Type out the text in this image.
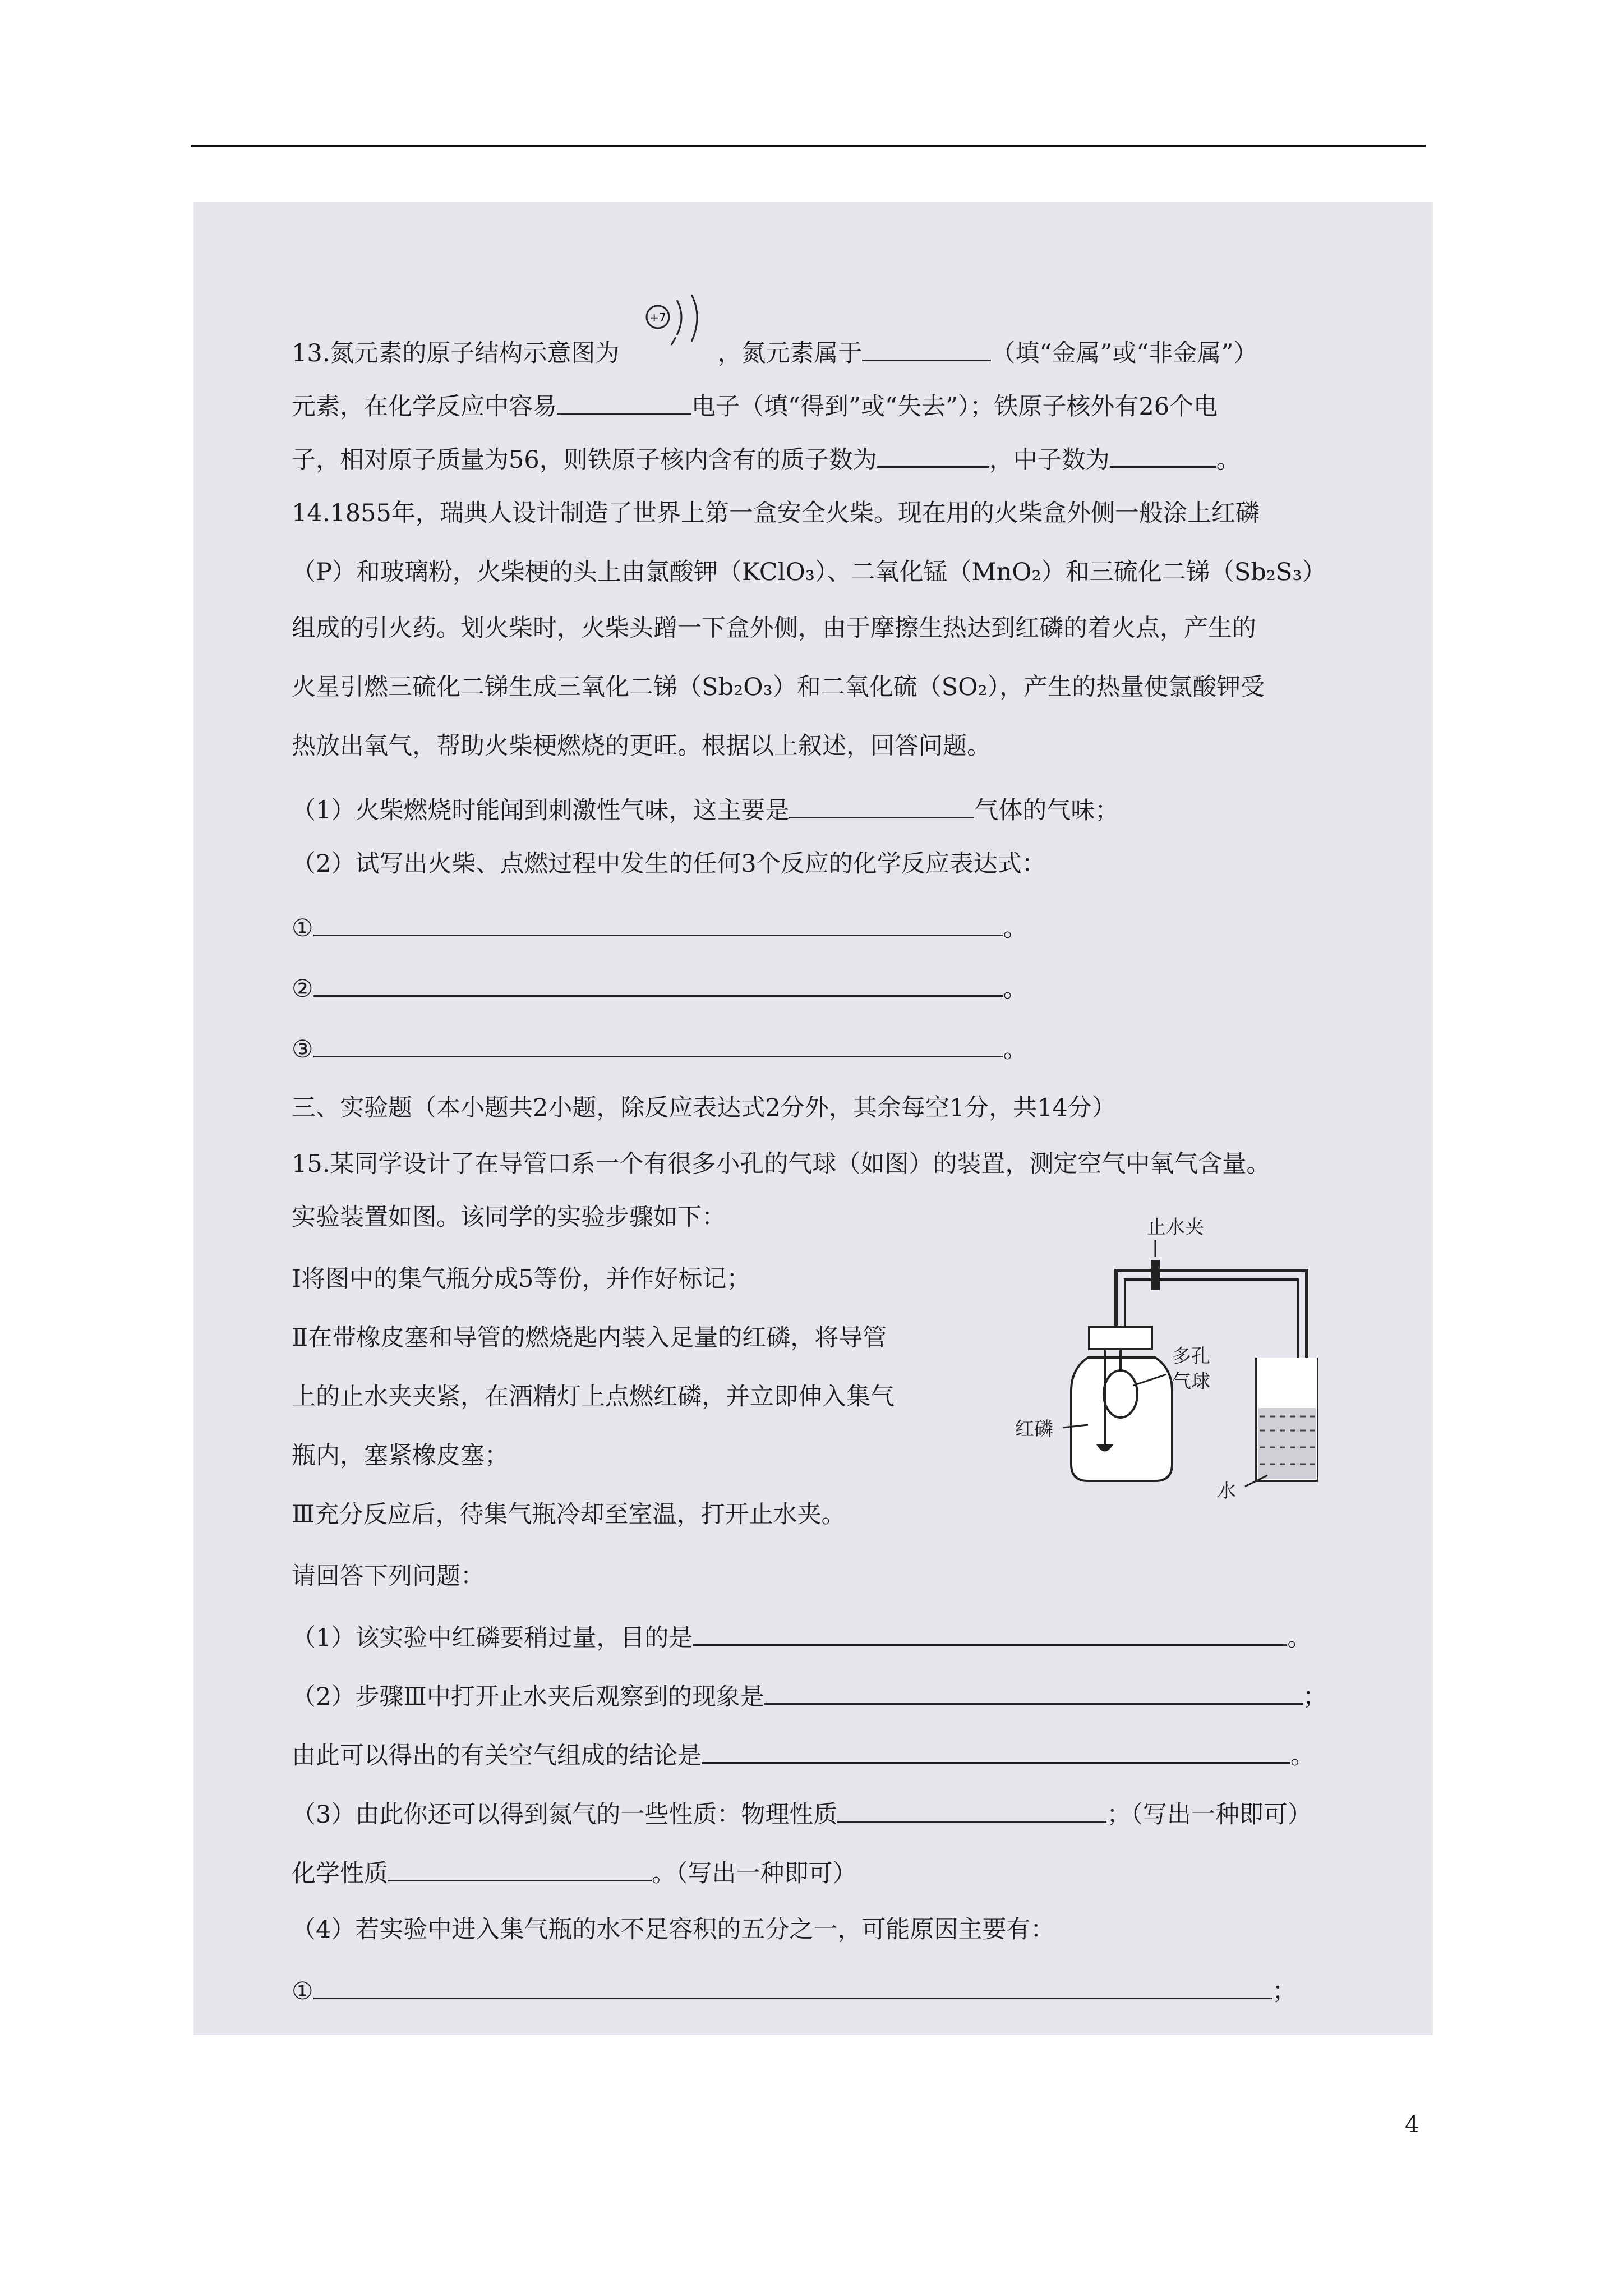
13.氮元素的原子结构示意图为	，氮元素属于	（填“金属”或“非金属”）
+7
元素，在化学反应中容易	电子（填“得到”或“失去”）；铁原子核外有26个电
子，相对原子质量为56，则铁原子核内含有的质子数为	，中子数为	。
14.1855年，瑞典人设计制造了世界上第一盒安全火柴。现在用的火柴盒外侧一般涂上红磷
（P）和玻璃粉，火柴梗的头上由氯酸钾（KClO₃）、二氧化锰（MnO₂）和三硫化二锑（Sb₂S₃）
组成的引火药。划火柴时，火柴头蹭一下盒外侧，由于摩擦生热达到红磷的着火点，产生的
火星引燃三硫化二锑生成三氧化二锑（Sb₂O₃）和二氧化硫（SO₂），产生的热量使氯酸钾受
热放出氧气，帮助火柴梗燃烧的更旺。根据以上叙述，回答问题。
（1）火柴燃烧时能闻到刺激性气味，这主要是	气体的气味；
（2）试写出火柴、点燃过程中发生的任何3个反应的化学反应表达式：
①	。
②	。
③	。
三、实验题（本小题共2小题，除反应表达式2分外，其余每空1分，共14分）
15.某同学设计了在导管口系一个有很多小孔的气球（如图）的装置，测定空气中氧气含量。
实验装置如图。该同学的实验步骤如下：
Ⅰ将图中的集气瓶分成5等份，并作好标记；
Ⅱ在带橡皮塞和导管的燃烧匙内装入足量的红磷，将导管
上的止水夹夹紧，在酒精灯上点燃红磷，并立即伸入集气
瓶内，塞紧橡皮塞；
Ⅲ充分反应后，待集气瓶冷却至室温，打开止水夹。
请回答下列问题：
（1）该实验中红磷要稍过量，目的是	。
（2）步骤Ⅲ中打开止水夹后观察到的现象是	；
由此可以得出的有关空气组成的结论是	。
（3）由此你还可以得到氮气的一些性质：物理性质	；（写出一种即可）
化学性质	。（写出一种即可）
（4）若实验中进入集气瓶的水不足容积的五分之一，可能原因主要有：
①	；
止水夹
多孔
气球
红磷
水
4
